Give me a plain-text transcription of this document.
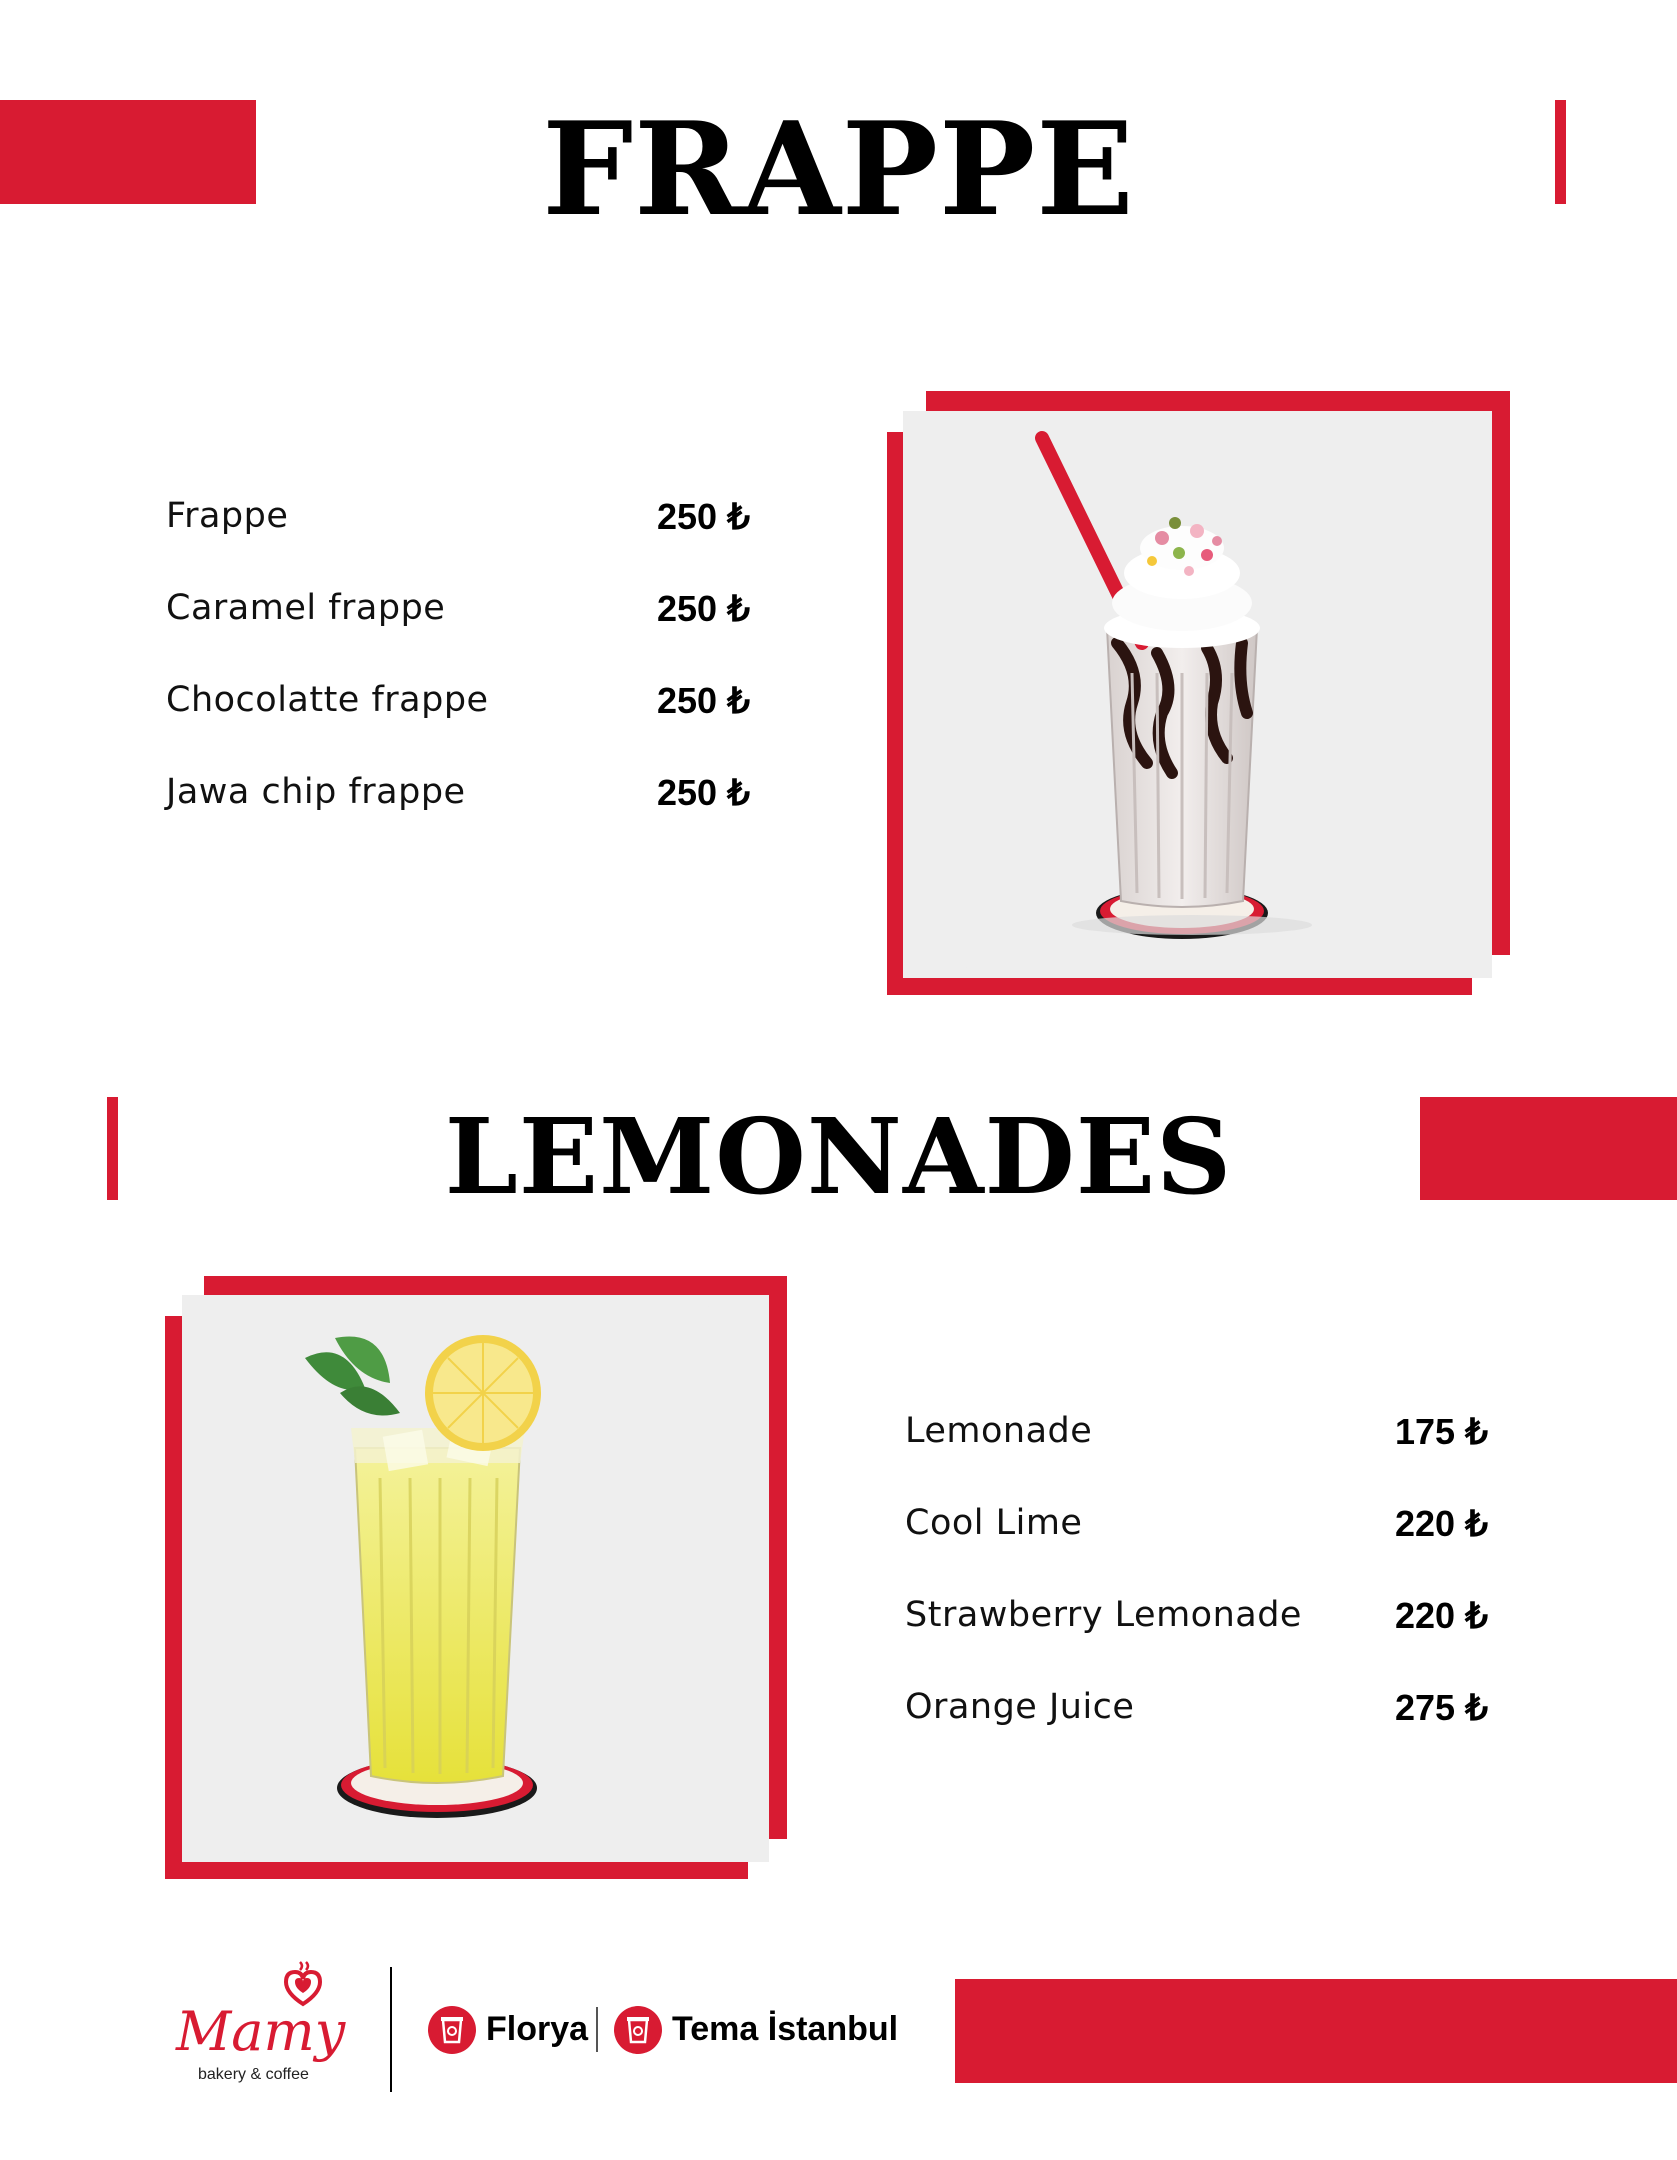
FRAPPE
Frappe	250 ₺
Caramel frappe	250 ₺
Chocolatte frappe	250 ₺
Jawa chip frappe	250 ₺
LEMONADES
Lemonade	175 ₺
Cool Lime	220 ₺
Strawberry Lemonade	220 ₺
Orange Juice	275 ₺
Mamy
bakery & coffee
Florya Tema İstanbul
